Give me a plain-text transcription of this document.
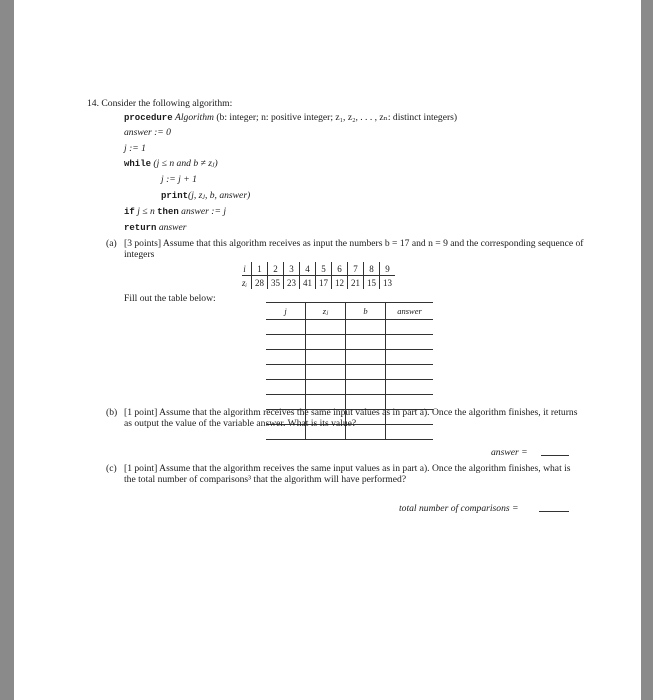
14. Consider the following algorithm:
procedure Algorithm (b: integer; n: positive integer; z₁, z₂, . . . , zₙ: distinct integers)
answer := 0
j := 1
while (j ≤ n and b ≠ zⱼ)
j := j + 1
print(j, zⱼ, b, answer)
if j ≤ n then answer := j
return answer
(a) [3 points] Assume that this algorithm receives as input the numbers b = 17 and n = 9 and the corresponding sequence of integers
i	1	2	3	4	5	6	7	8	9
zᵢ	28	35	23	41	17	12	21	15	13
Fill out the table below:
j	zⱼ	b	answer

(b) [1 point] Assume that the algorithm receives the same input values as in part a). Once the algorithm finishes, it returns as output the value of the variable answer. What is its value?
answer =
(c) [1 point] Assume that the algorithm receives the same input values as in part a). Once the algorithm finishes, what is the total number of comparisons³ that the algorithm will have performed?
total number of comparisons =
